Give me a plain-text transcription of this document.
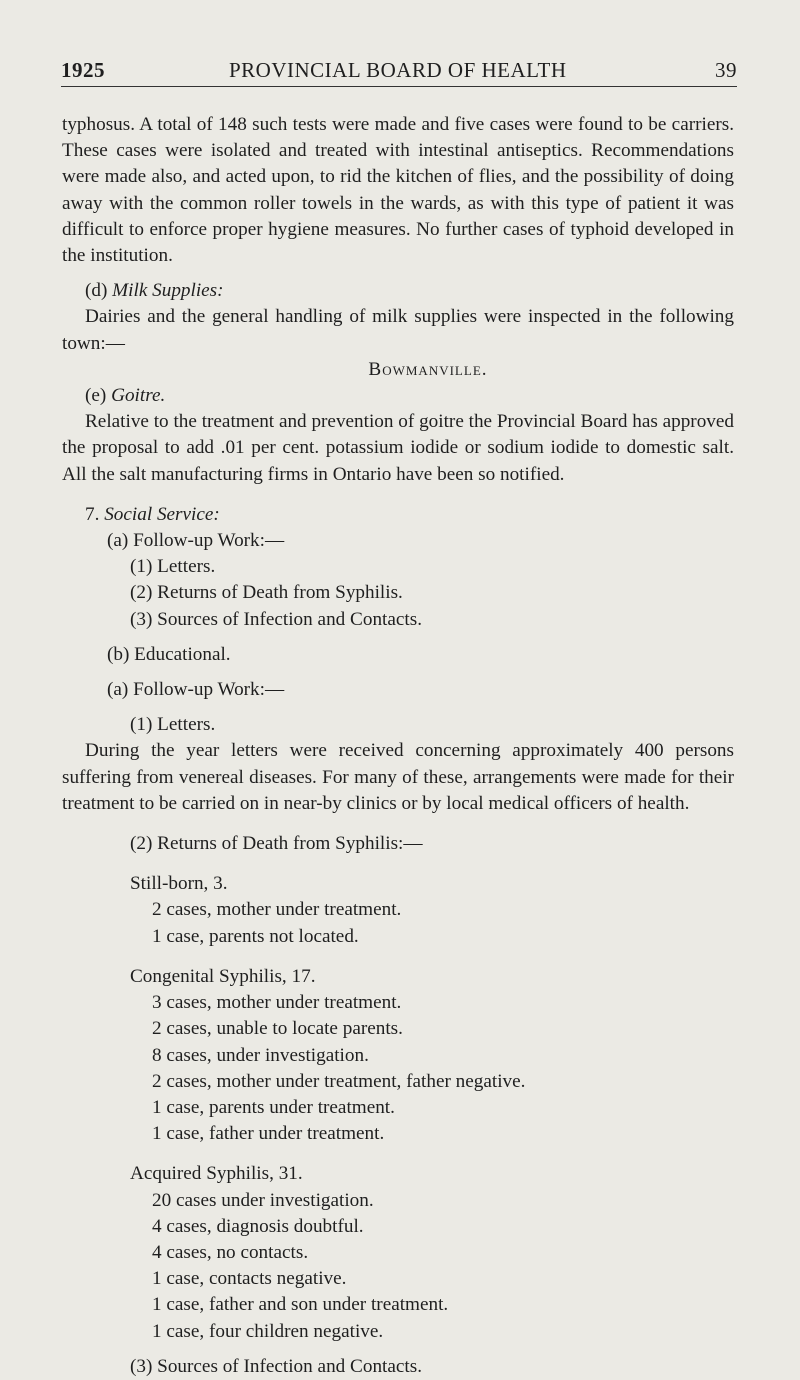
1925	PROVINCIAL BOARD OF HEALTH	39

typhosus. A total of 148 such tests were made and five cases were found to be carriers. These cases were isolated and treated with intestinal antiseptics. Recommendations were made also, and acted upon, to rid the kitchen of flies, and the possibility of doing away with the common roller towels in the wards, as with this type of patient it was difficult to enforce proper hygiene measures. No further cases of typhoid developed in the institution.

(d) Milk Supplies:

Dairies and the general handling of milk supplies were inspected in the following town:—

Bowmanville.

(e) Goitre.

Relative to the treatment and prevention of goitre the Provincial Board has approved the proposal to add .01 per cent. potassium iodide or sodium iodide to domestic salt. All the salt manufacturing firms in Ontario have been so notified.

7. Social Service:

(a) Follow-up Work:—

(1) Letters.

(2) Returns of Death from Syphilis.

(3) Sources of Infection and Contacts.

(b) Educational.

(a) Follow-up Work:—

(1) Letters.

During the year letters were received concerning approximately 400 persons suffering from venereal diseases. For many of these, arrangements were made for their treatment to be carried on in near-by clinics or by local medical officers of health.

(2) Returns of Death from Syphilis:—

Still-born, 3.

2 cases, mother under treatment.

1 case, parents not located.

Congenital Syphilis, 17.

3 cases, mother under treatment.

2 cases, unable to locate parents.

8 cases, under investigation.

2 cases, mother under treatment, father negative.

1 case, parents under treatment.

1 case, father under treatment.

Acquired Syphilis, 31.

20 cases under investigation.

4 cases, diagnosis doubtful.

4 cases, no contacts.

1 case, contacts negative.

1 case, father and son under treatment.

1 case, four children negative.

(3) Sources of Infection and Contacts.
